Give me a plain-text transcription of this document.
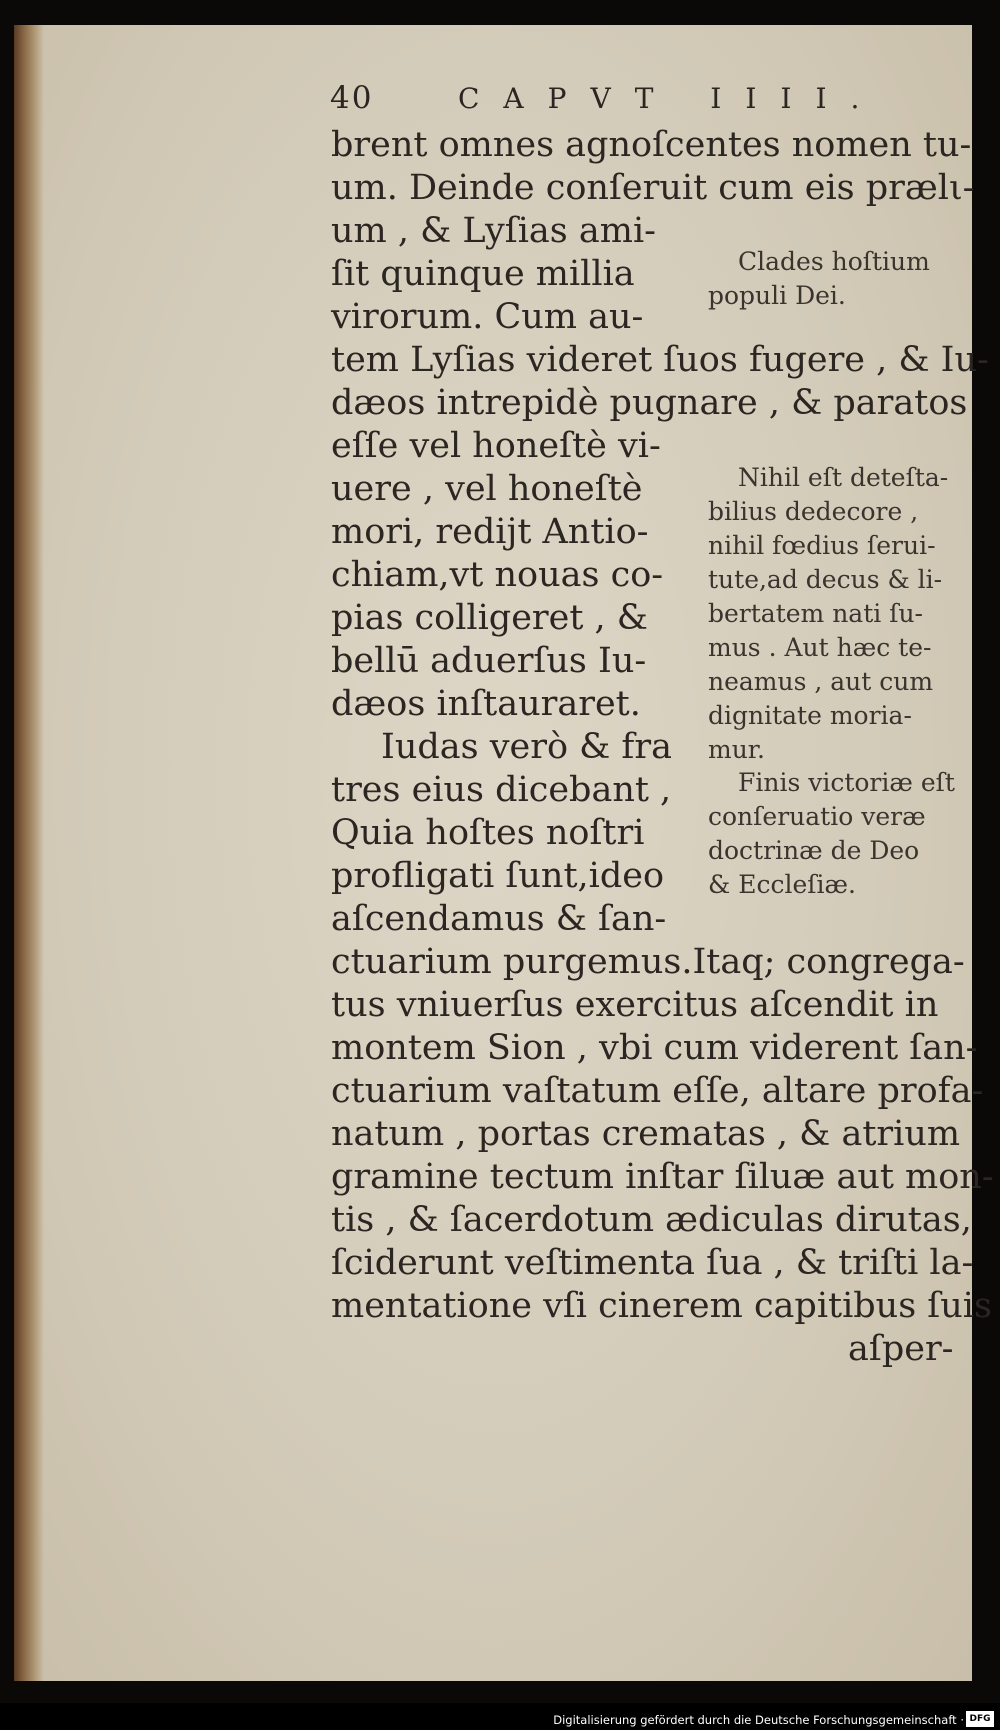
40	CAPVT IIII.
brent omnes agnoſcentes nomen tu-
um. Deinde conſeruit cum eis prælι-
um , & Lyſias ami-
ſit quinque millia
virorum. Cum au-
tem Lyſias videret ſuos fugere , & Iu-
dæos intrepidè pugnare , & paratos
eſſe vel honeſtè vi-
uere , vel honeſtè
mori, redijt Antio-
chiam,vt nouas co-
pias colligeret , &
bellū aduerſus Iu-
dæos inſtauraret.
Iudas verò & fra
tres eius dicebant ,
Quia hoſtes noſtri
profligati ſunt,ideo
aſcendamus & ſan-
ctuarium purgemus.Itaq; congrega-
tus vniuerſus exercitus aſcendit in
montem Sion , vbi cum viderent ſan-
ctuarium vaſtatum eſſe, altare profa-
natum , portas crematas , & atrium
gramine tectum inſtar ſiluæ aut mon-
tis , & ſacerdotum ædiculas dirutas,
ſciderunt veſtimenta ſua , & triſti la-
mentatione vſi cinerem capitibus ſuis
aſper-
Clades hoſtium
populi Dei.
Nihil eſt deteſta-
bilius dedecore ,
nihil fœdius ſerui-
tute,ad decus & li-
bertatem nati ſu-
mus . Aut hæc te-
neamus , aut cum
dignitate moria-
mur.
Finis victoriæ eſt
conſeruatio veræ
doctrinæ de Deo
& Eccleſiæ.
Digitalisierung gefördert durch die Deutsche Forschungsgemeinschaft · DFG
